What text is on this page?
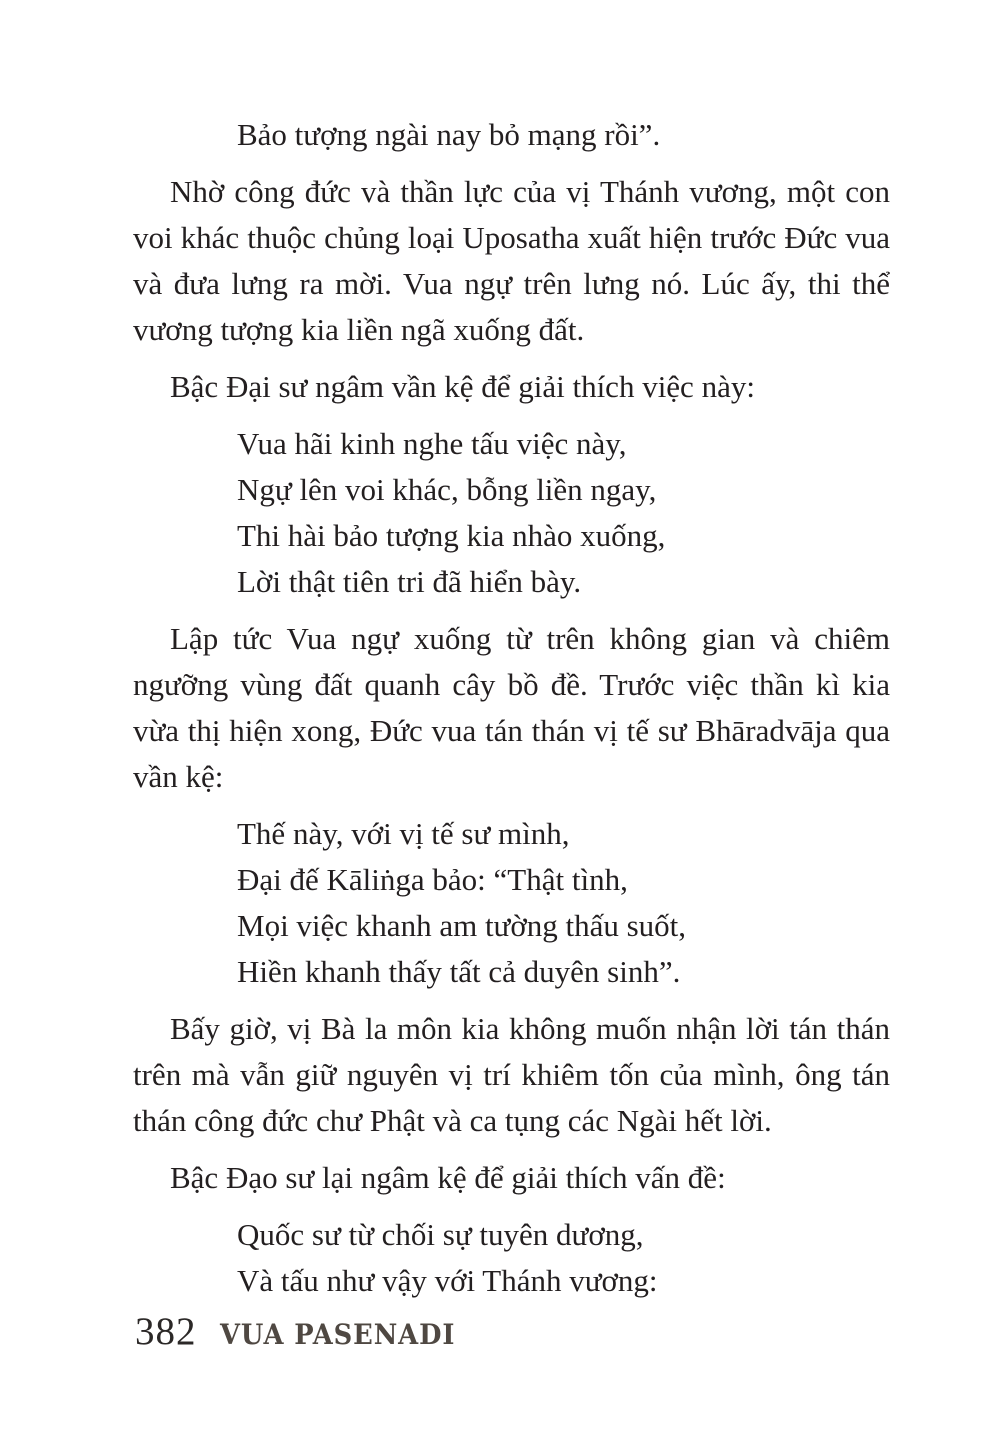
Bảo tượng ngài nay bỏ mạng rồi”.

Nhờ công đức và thần lực của vị Thánh vương, một con voi khác thuộc chủng loại Uposatha xuất hiện trước Đức vua và đưa lưng ra mời. Vua ngự trên lưng nó. Lúc ấy, thi thể vương tượng kia liền ngã xuống đất.

Bậc Đại sư ngâm vần kệ để giải thích việc này:

Vua hãi kinh nghe tấu việc này,
Ngự lên voi khác, bỗng liền ngay,
Thi hài bảo tượng kia nhào xuống,
Lời thật tiên tri đã hiển bày.

Lập tức Vua ngự xuống từ trên không gian và chiêm ngưỡng vùng đất quanh cây bồ đề. Trước việc thần kì kia vừa thị hiện xong, Đức vua tán thán vị tế sư Bhāradvāja qua vần kệ:

Thế này, với vị tế sư mình,
Đại đế Kāliṅga bảo: “Thật tình,
Mọi việc khanh am tường thấu suốt,
Hiền khanh thấy tất cả duyên sinh”.

Bấy giờ, vị Bà la môn kia không muốn nhận lời tán thán trên mà vẫn giữ nguyên vị trí khiêm tốn của mình, ông tán thán công đức chư Phật và ca tụng các Ngài hết lời.

Bậc Đạo sư lại ngâm kệ để giải thích vấn đề:

Quốc sư từ chối sự tuyên dương,
Và tấu như vậy với Thánh vương:
382 VUA PASENADI
